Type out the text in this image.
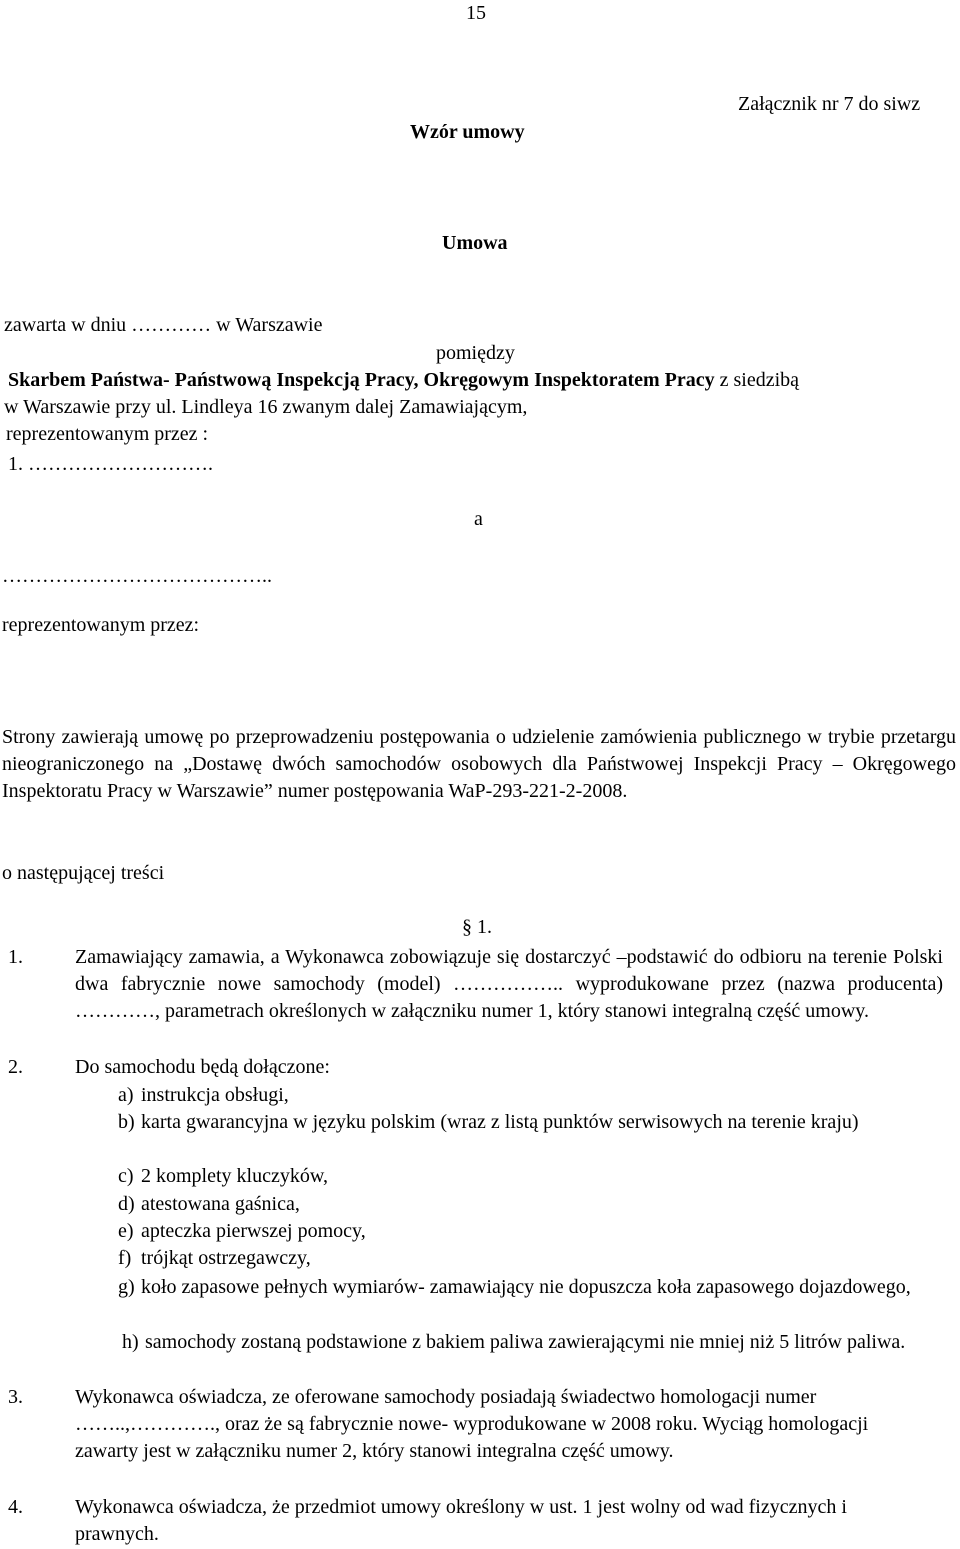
15
Załącznik nr 7 do siwz
Wzór umowy
Umowa
zawarta w dniu ………… w Warszawie
pomiędzy
Skarbem Państwa- Państwową Inspekcją Pracy, Okręgowym Inspektoratem Pracy z siedzibą
w Warszawie przy ul. Lindleya 16 zwanym dalej Zamawiającym,
reprezentowanym przez :
1. ……………………….
a
…………………………………..
reprezentowanym przez:
Strony zawierają umowę po przeprowadzeniu postępowania o udzielenie zamówienia publicznego w trybie przetargu nieograniczonego na „Dostawę dwóch samochodów osobowych dla Państwowej Inspekcji Pracy – Okręgowego Inspektoratu Pracy w Warszawie” numer postępowania WaP-293-221-2-2008.
o następującej treści
§ 1.
1.	Zamawiający zamawia, a Wykonawca zobowiązuje się dostarczyć –podstawić do odbioru na terenie Polski dwa fabrycznie nowe samochody (model) …………….. wyprodukowane przez (nazwa producenta) …………, parametrach określonych w załączniku numer 1, który stanowi integralną część umowy.
2.	Do samochodu będą dołączone:
a) instrukcja obsługi,
b) karta gwarancyjna w języku polskim (wraz z listą punktów serwisowych na terenie kraju)
c) 2 komplety kluczyków,
d) atestowana gaśnica,
e) apteczka pierwszej pomocy,
f) trójkąt ostrzegawczy,
g) koło zapasowe pełnych wymiarów- zamawiający nie dopuszcza koła zapasowego dojazdowego,
h) samochody zostaną podstawione z bakiem paliwa zawierającymi nie mniej niż 5 litrów paliwa.
3.	Wykonawca oświadcza, ze oferowane samochody posiadają świadectwo homologacji numer ……..,…………., oraz że są fabrycznie nowe- wyprodukowane w 2008 roku. Wyciąg homologacji zawarty jest w załączniku numer 2, który stanowi integralna część umowy.
4.	Wykonawca oświadcza, że przedmiot umowy określony w ust. 1 jest wolny od wad fizycznych i prawnych.
